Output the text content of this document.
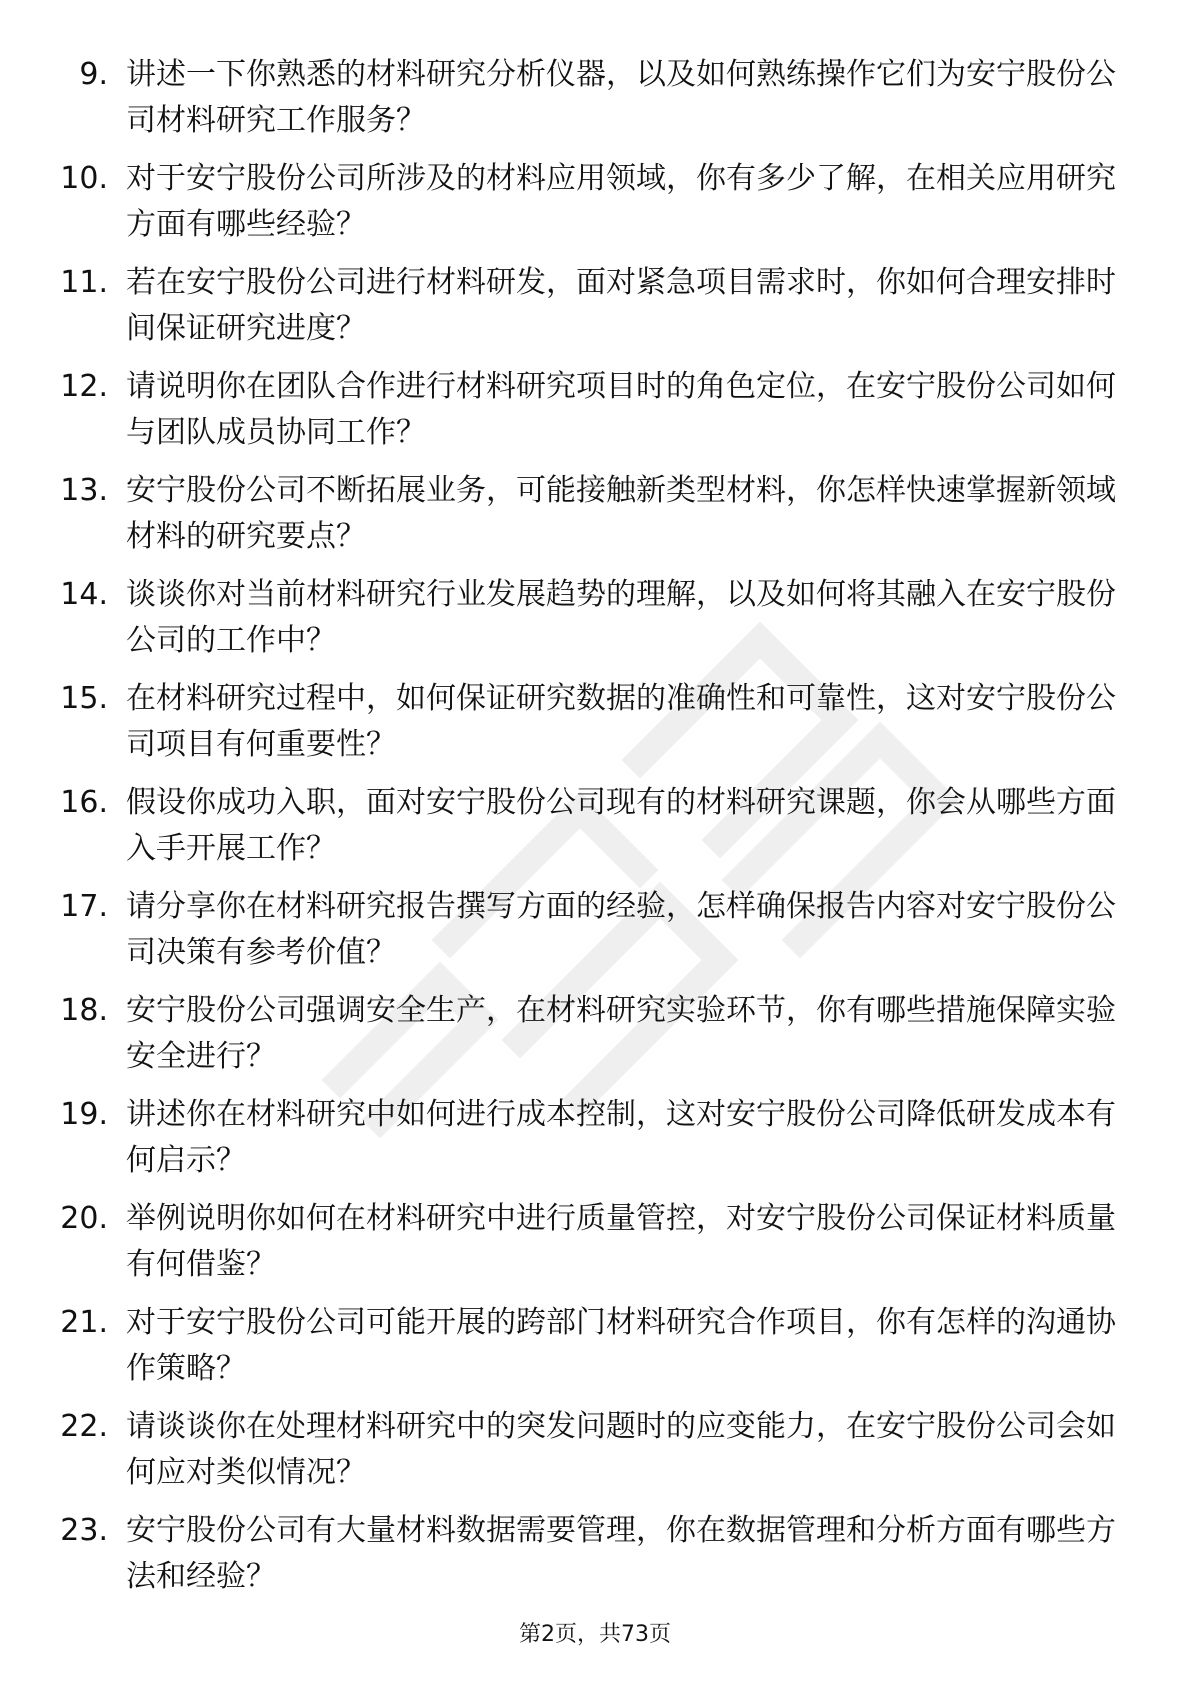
9. 讲述一下你熟悉的材料研究分析仪器，以及如何熟练操作它们为安宁股份公司材料研究工作服务？
10. 对于安宁股份公司所涉及的材料应用领域，你有多少了解，在相关应用研究方面有哪些经验？
11. 若在安宁股份公司进行材料研发，面对紧急项目需求时，你如何合理安排时间保证研究进度？
12. 请说明你在团队合作进行材料研究项目时的角色定位，在安宁股份公司如何与团队成员协同工作？
13. 安宁股份公司不断拓展业务，可能接触新类型材料，你怎样快速掌握新领域材料的研究要点？
14. 谈谈你对当前材料研究行业发展趋势的理解，以及如何将其融入在安宁股份公司的工作中？
15. 在材料研究过程中，如何保证研究数据的准确性和可靠性，这对安宁股份公司项目有何重要性？
16. 假设你成功入职，面对安宁股份公司现有的材料研究课题，你会从哪些方面入手开展工作？
17. 请分享你在材料研究报告撰写方面的经验，怎样确保报告内容对安宁股份公司决策有参考价值？
18. 安宁股份公司强调安全生产，在材料研究实验环节，你有哪些措施保障实验安全进行？
19. 讲述你在材料研究中如何进行成本控制，这对安宁股份公司降低研发成本有何启示？
20. 举例说明你如何在材料研究中进行质量管控，对安宁股份公司保证材料质量有何借鉴？
21. 对于安宁股份公司可能开展的跨部门材料研究合作项目，你有怎样的沟通协作策略？
22. 请谈谈你在处理材料研究中的突发问题时的应变能力，在安宁股份公司会如何应对类似情况？
23. 安宁股份公司有大量材料数据需要管理，你在数据管理和分析方面有哪些方法和经验？
第2页，共73页
